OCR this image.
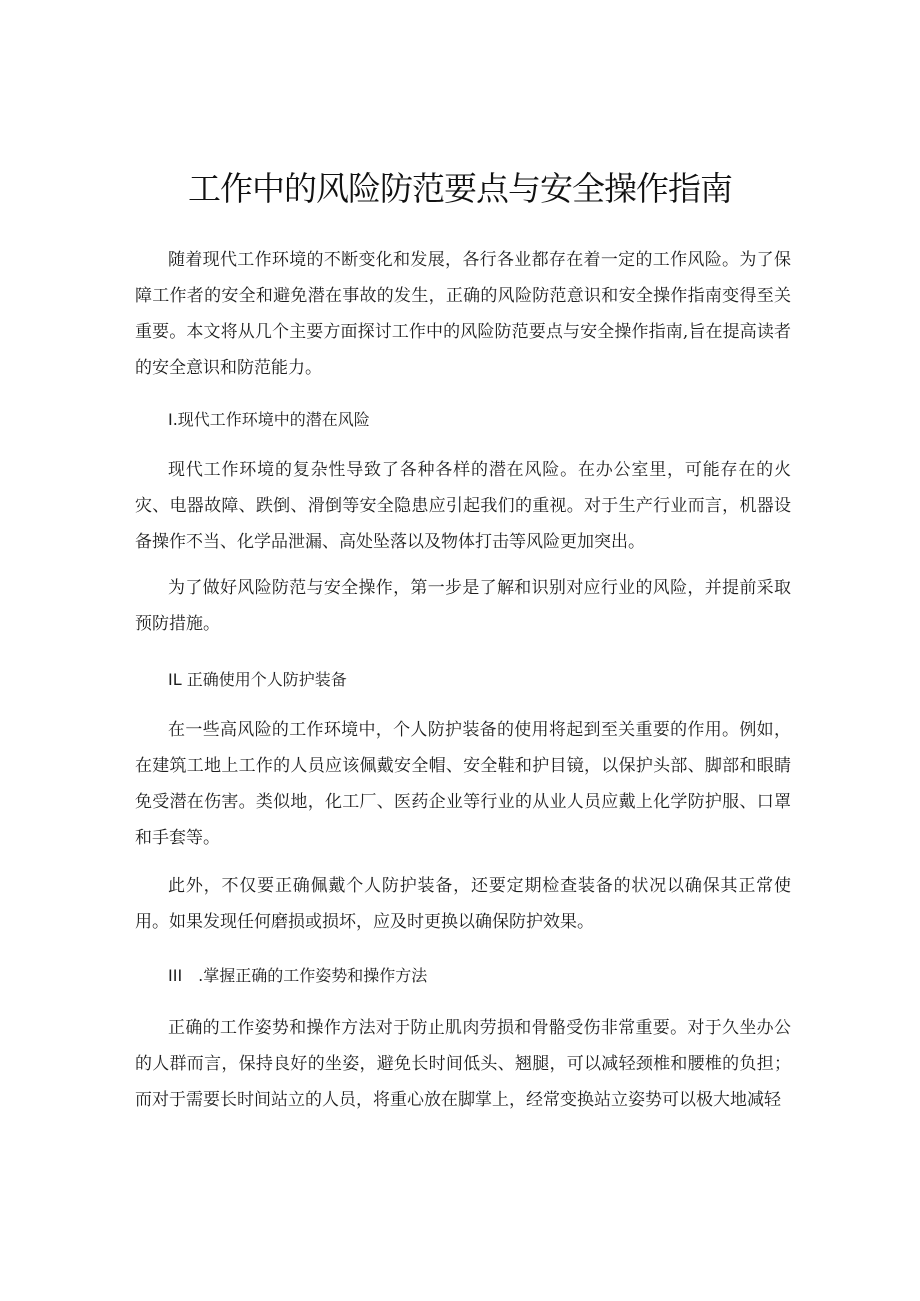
工作中的风险防范要点与安全操作指南

随着现代工作环境的不断变化和发展，各行各业都存在着一定的工作风险。为了保障工作者的安全和避免潜在事故的发生，正确的风险防范意识和安全操作指南变得至关重要。本文将从几个主要方面探讨工作中的风险防范要点与安全操作指南,旨在提高读者的安全意识和防范能力。

I.现代工作环境中的潜在风险

现代工作环境的复杂性导致了各种各样的潜在风险。在办公室里，可能存在的火灾、电器故障、跌倒、滑倒等安全隐患应引起我们的重视。对于生产行业而言，机器设备操作不当、化学品泄漏、高处坠落以及物体打击等风险更加突出。

为了做好风险防范与安全操作，第一步是了解和识别对应行业的风险，并提前采取预防措施。

IL 正确使用个人防护装备

在一些高风险的工作环境中，个人防护装备的使用将起到至关重要的作用。例如，在建筑工地上工作的人员应该佩戴安全帽、安全鞋和护目镜，以保护头部、脚部和眼睛免受潜在伤害。类似地，化工厂、医药企业等行业的从业人员应戴上化学防护服、口罩和手套等。

此外，不仅要正确佩戴个人防护装备，还要定期检查装备的状况以确保其正常使用。如果发现任何磨损或损坏，应及时更换以确保防护效果。

III　.掌握正确的工作姿势和操作方法

正确的工作姿势和操作方法对于防止肌肉劳损和骨骼受伤非常重要。对于久坐办公的人群而言，保持良好的坐姿，避免长时间低头、翘腿，可以减轻颈椎和腰椎的负担；而对于需要长时间站立的人员，将重心放在脚掌上，经常变换站立姿势可以极大地减轻
